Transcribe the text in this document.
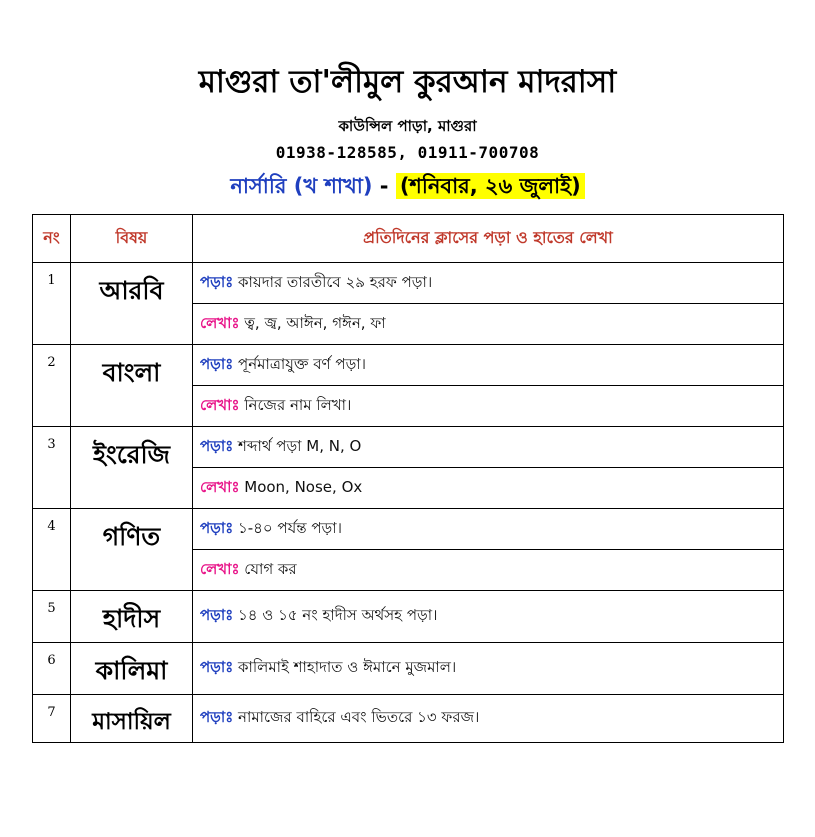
মাগুরা তা'লীমুল কুরআন মাদরাসা
কাউন্সিল পাড়া, মাগুরা
01938-128585, 01911-700708
নার্সারি (খ শাখা) - (শনিবার, ২৬ জুলাই)
নং	বিষয়	প্রতিদিনের ক্লাসের পড়া ও হাতের লেখা
1	আরবি	পড়াঃ কায়দার তারতীবে ২৯ হরফ পড়া।
		লেখাঃ ত্ব, জ্ব, আঈন, গঈন, ফা
2	বাংলা	পড়াঃ পূর্নমাত্রাযুক্ত বর্ণ পড়া।
		লেখাঃ নিজের নাম লিখা।
3	ইংরেজি	পড়াঃ শব্দার্থ পড়া M, N, O
		লেখাঃ Moon, Nose, Ox
4	গণিত	পড়াঃ ১-৪০ পর্যন্ত পড়া।
		লেখাঃ যোগ কর
5	হাদীস	পড়াঃ ১৪ ও ১৫ নং হাদীস অর্থসহ পড়া।
6	কালিমা	পড়াঃ কালিমাই শাহাদাত ও ঈমানে মুজমাল।
7	মাসায়িল	পড়াঃ নামাজের বাহিরে এবং ভিতরে ১৩ ফরজ।
